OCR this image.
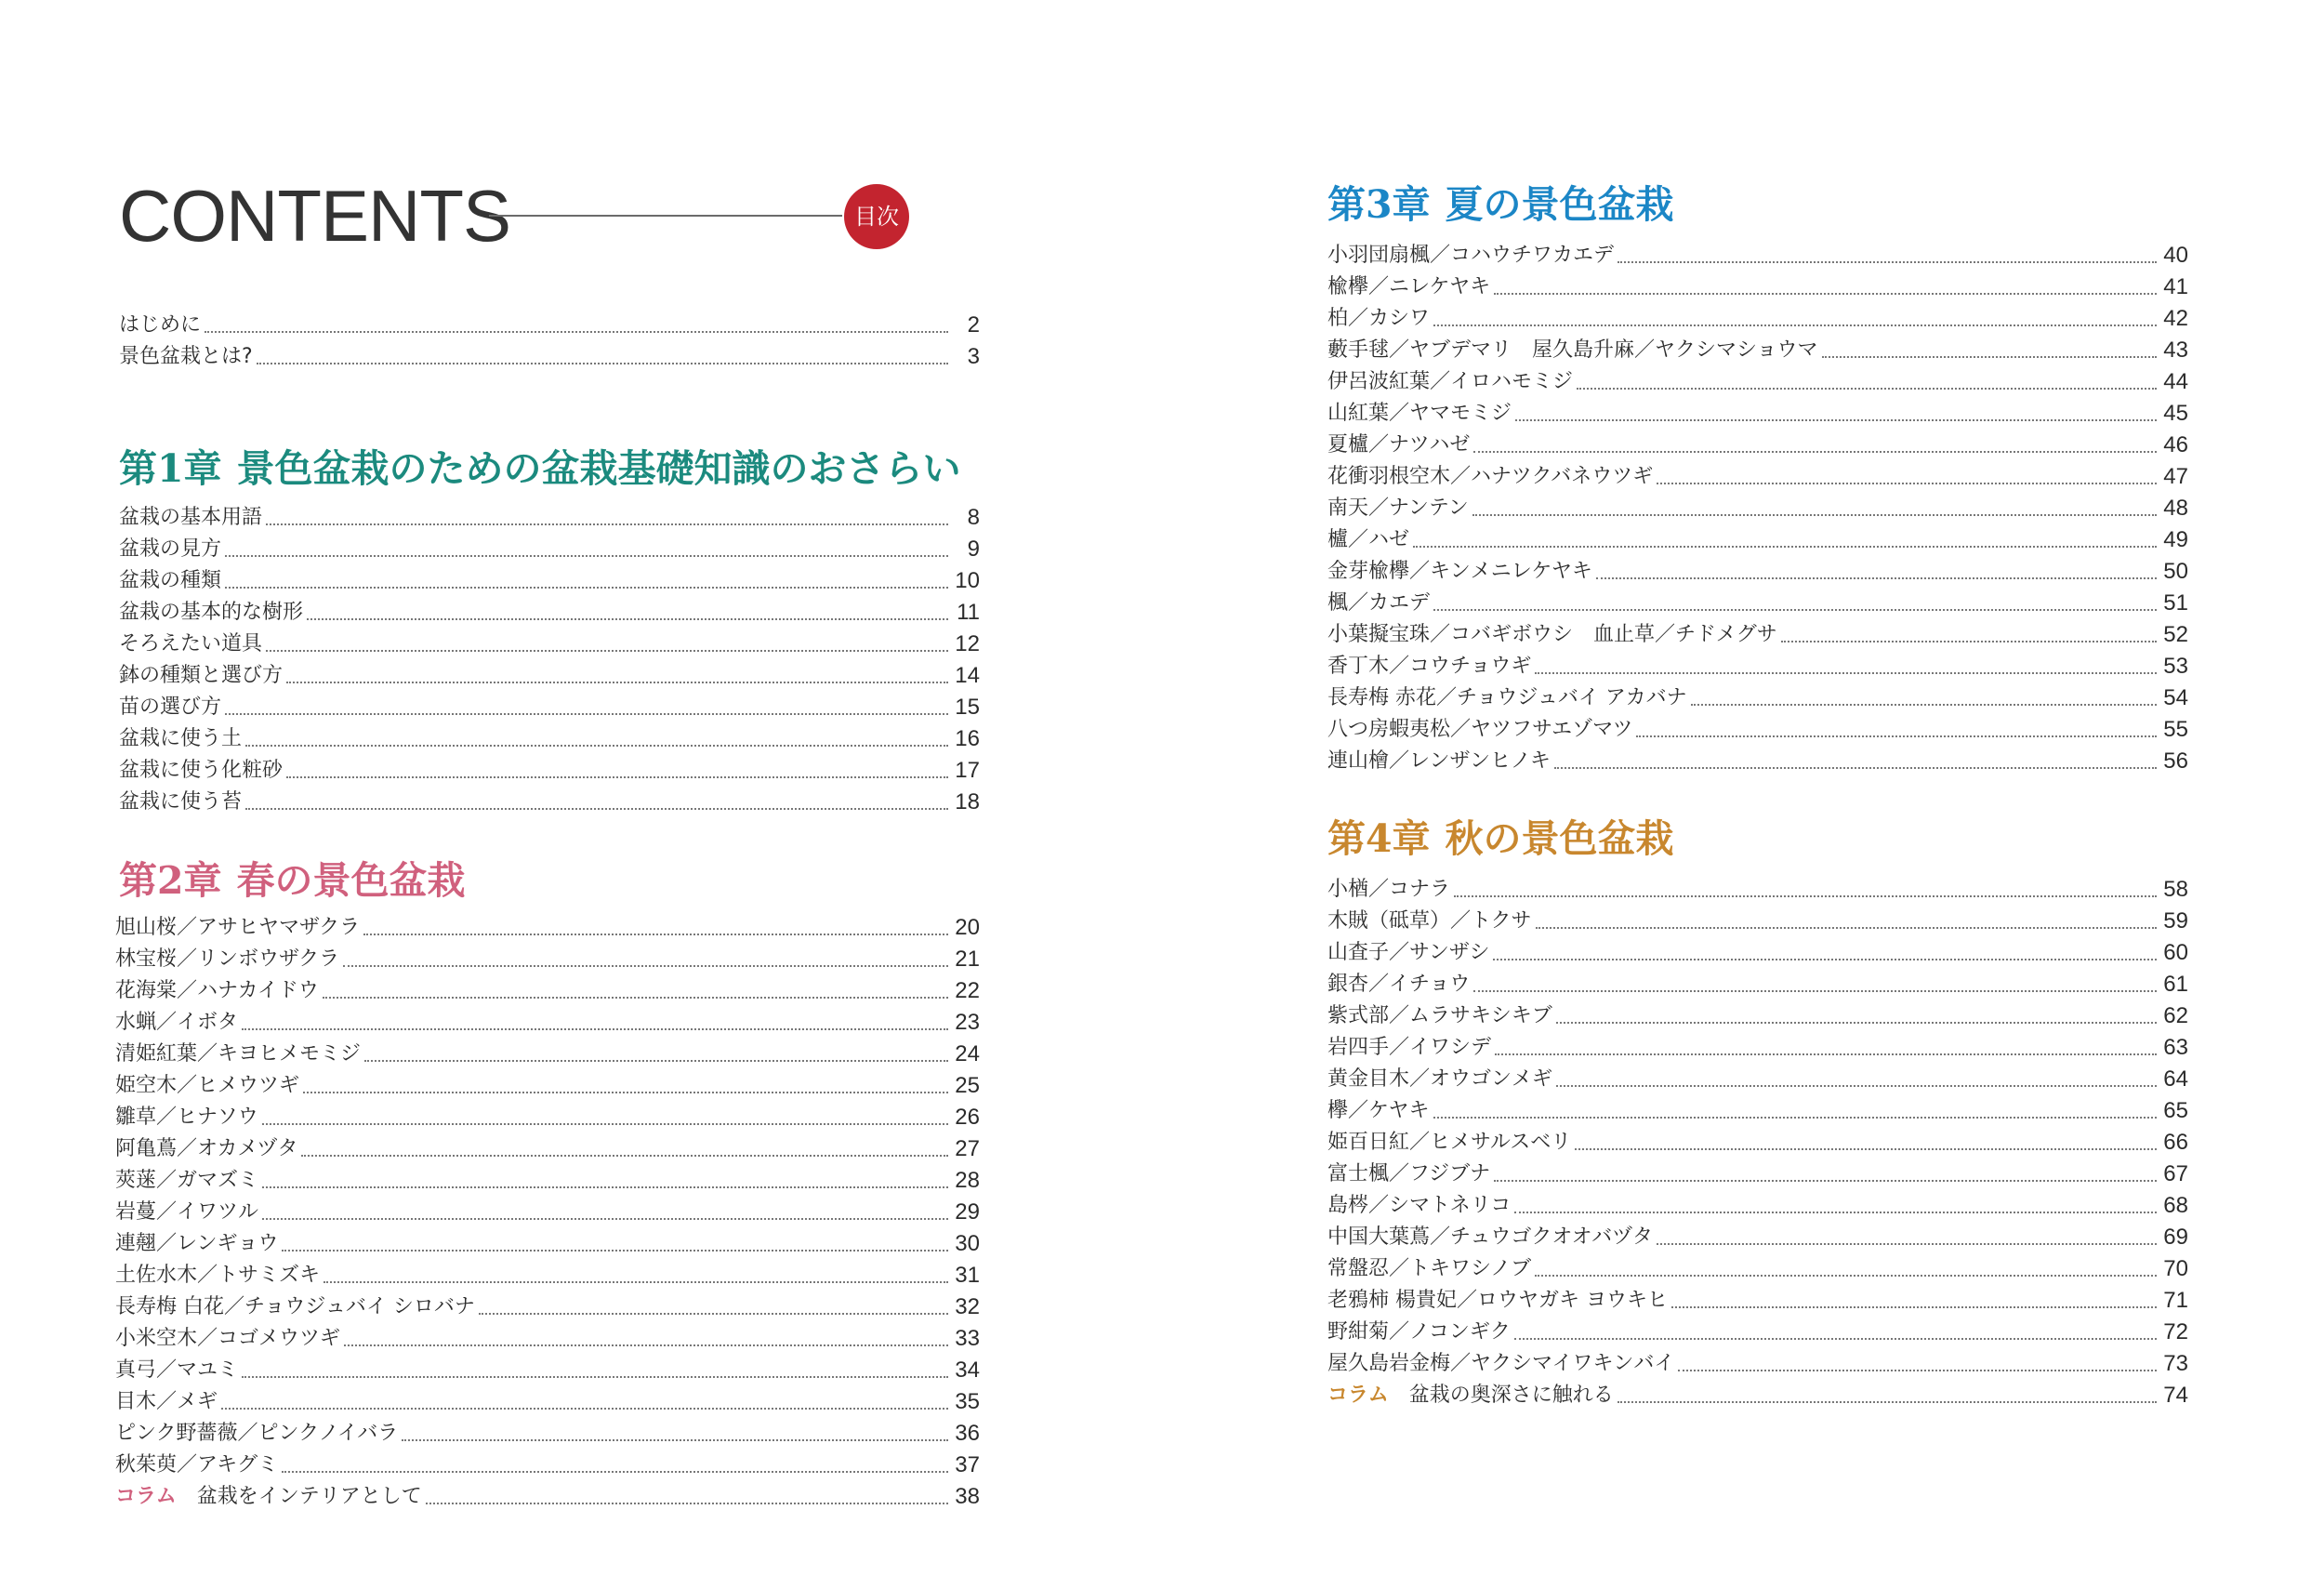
CONTENTS	目次
はじめに	2
景色盆栽とは?	3
第1章 景色盆栽のための盆栽基礎知識のおさらい
盆栽の基本用語	8
盆栽の見方	9
盆栽の種類	10
盆栽の基本的な樹形	11
そろえたい道具	12
鉢の種類と選び方	14
苗の選び方	15
盆栽に使う土	16
盆栽に使う化粧砂	17
盆栽に使う苔	18
第2章 春の景色盆栽
旭山桜／アサヒヤマザクラ	20
林宝桜／リンボウザクラ	21
花海棠／ハナカイドウ	22
水蝋／イボタ	23
清姫紅葉／キヨヒメモミジ	24
姫空木／ヒメウツギ	25
雛草／ヒナソウ	26
阿亀蔦／オカメヅタ	27
莢蒾／ガマズミ	28
岩蔓／イワツル	29
連翹／レンギョウ	30
土佐水木／トサミズキ	31
長寿梅 白花／チョウジュバイ シロバナ	32
小米空木／コゴメウツギ	33
真弓／マユミ	34
目木／メギ	35
ピンク野薔薇／ピンクノイバラ	36
秋茱萸／アキグミ	37
コラム 盆栽をインテリアとして	38
第3章 夏の景色盆栽
小羽団扇楓／コハウチワカエデ	40
楡欅／ニレケヤキ	41
柏／カシワ	42
藪手毬／ヤブデマリ　屋久島升麻／ヤクシマショウマ	43
伊呂波紅葉／イロハモミジ	44
山紅葉／ヤマモミジ	45
夏櫨／ナツハゼ	46
花衝羽根空木／ハナツクバネウツギ	47
南天／ナンテン	48
櫨／ハゼ	49
金芽楡欅／キンメニレケヤキ	50
楓／カエデ	51
小葉擬宝珠／コバギボウシ　血止草／チドメグサ	52
香丁木／コウチョウギ	53
長寿梅 赤花／チョウジュバイ アカバナ	54
八つ房蝦夷松／ヤツフサエゾマツ	55
連山檜／レンザンヒノキ	56
第4章 秋の景色盆栽
小楢／コナラ	58
木賊（砥草）／トクサ	59
山査子／サンザシ	60
銀杏／イチョウ	61
紫式部／ムラサキシキブ	62
岩四手／イワシデ	63
黄金目木／オウゴンメギ	64
欅／ケヤキ	65
姫百日紅／ヒメサルスベリ	66
富士楓／フジブナ	67
島梣／シマトネリコ	68
中国大葉蔦／チュウゴクオオバヅタ	69
常盤忍／トキワシノブ	70
老鴉柿 楊貴妃／ロウヤガキ ヨウキヒ	71
野紺菊／ノコンギク	72
屋久島岩金梅／ヤクシマイワキンバイ	73
コラム 盆栽の奥深さに触れる	74
